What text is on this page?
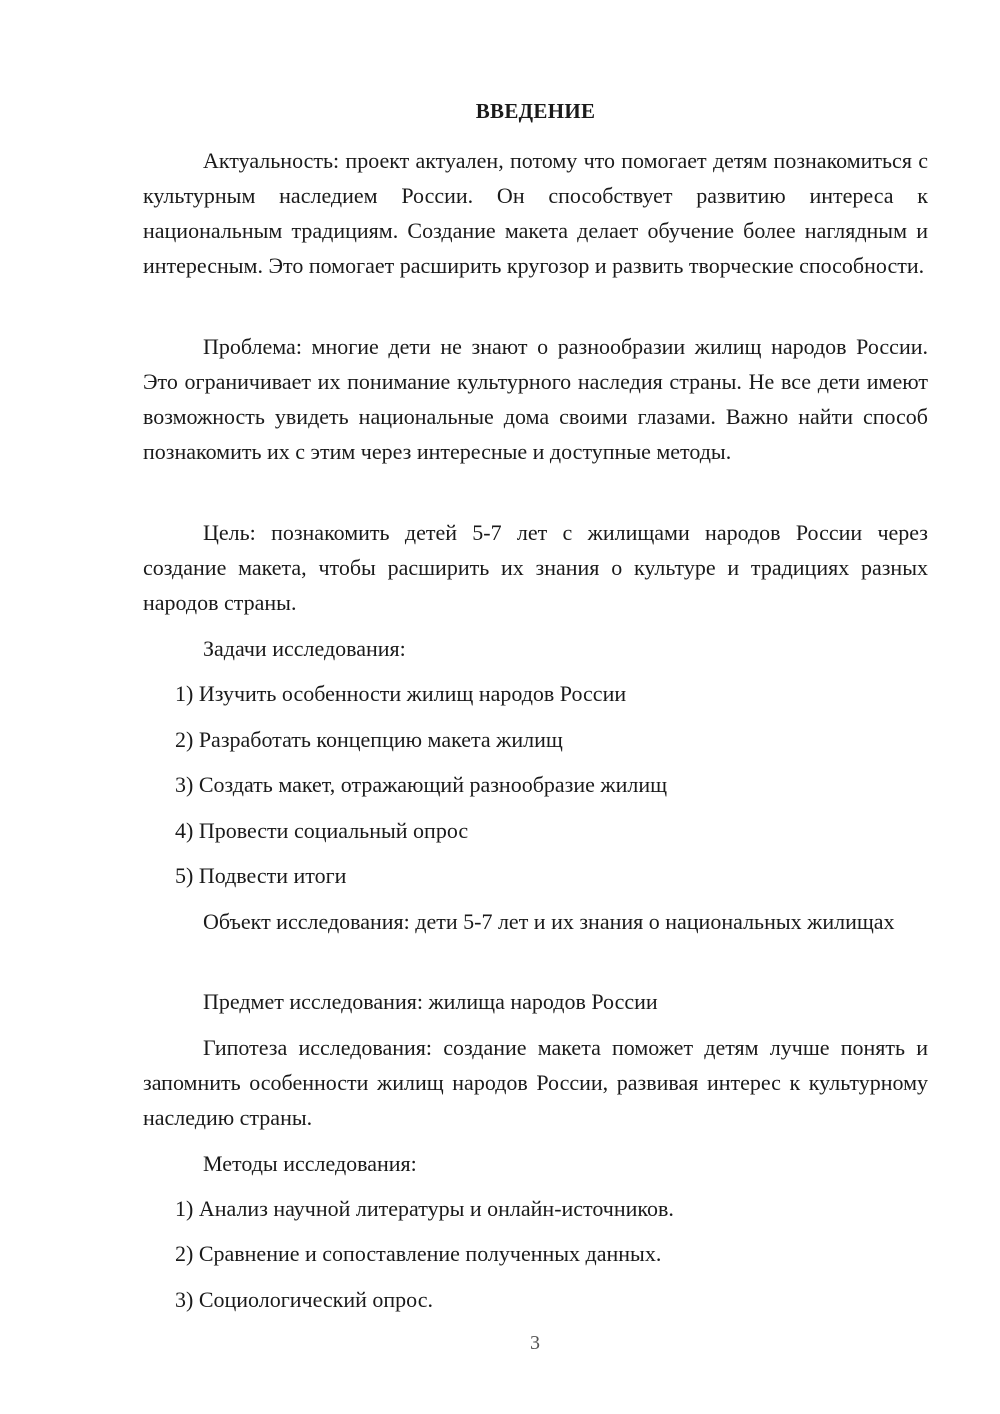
ВВЕДЕНИЕ
Актуальность: проект актуален, потому что помогает детям познакомиться с культурным наследием России. Он способствует развитию интереса к национальным традициям. Создание макета делает обучение более наглядным и интересным. Это помогает расширить кругозор и развить творческие способности.
Проблема: многие дети не знают о разнообразии жилищ народов России. Это ограничивает их понимание культурного наследия страны. Не все дети имеют возможность увидеть национальные дома своими глазами. Важно найти способ познакомить их с этим через интересные и доступные методы.
Цель: познакомить детей 5-7 лет с жилищами народов России через создание макета, чтобы расширить их знания о культуре и традициях разных народов страны.
Задачи исследования:
1) Изучить особенности жилищ народов России
2) Разработать концепцию макета жилищ
3) Создать макет, отражающий разнообразие жилищ
4) Провести социальный опрос
5) Подвести итоги
Объект исследования: дети 5-7 лет и их знания о национальных жилищах
Предмет исследования: жилища народов России
Гипотеза исследования: создание макета поможет детям лучше понять и запомнить особенности жилищ народов России, развивая интерес к культурному наследию страны.
Методы исследования:
1) Анализ научной литературы и онлайн-источников.
2) Сравнение и сопоставление полученных данных.
3) Социологический опрос.
3
